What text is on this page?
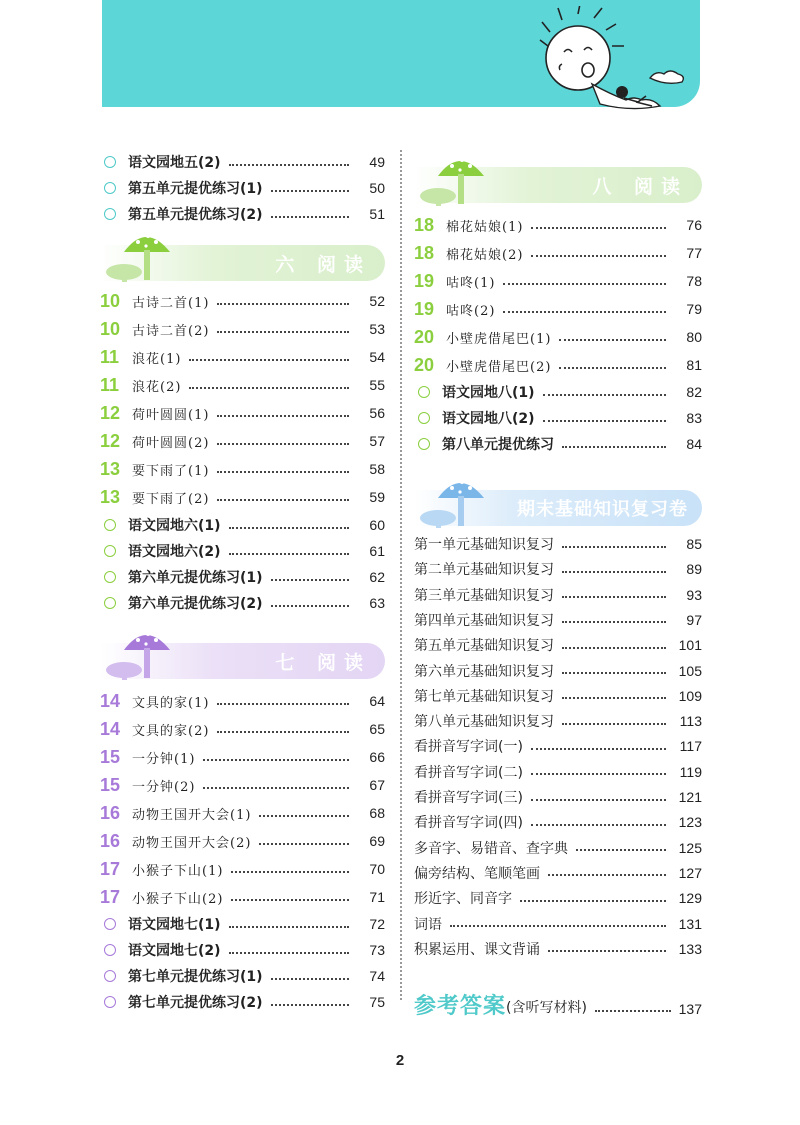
语文园地五(2)	49
第五单元提优练习(1)	50
第五单元提优练习(2)	51
六 阅读
10 古诗二首(1)	52
10 古诗二首(2)	53
11 浪花(1)	54
11 浪花(2)	55
12 荷叶圆圆(1)	56
12 荷叶圆圆(2)	57
13 要下雨了(1)	58
13 要下雨了(2)	59
语文园地六(1)	60
语文园地六(2)	61
第六单元提优练习(1)	62
第六单元提优练习(2)	63
七 阅读
14 文具的家(1)	64
14 文具的家(2)	65
15 一分钟(1)	66
15 一分钟(2)	67
16 动物王国开大会(1)	68
16 动物王国开大会(2)	69
17 小猴子下山(1)	70
17 小猴子下山(2)	71
语文园地七(1)	72
语文园地七(2)	73
第七单元提优练习(1)	74
第七单元提优练习(2)	75
八 阅读
18 棉花姑娘(1)	76
18 棉花姑娘(2)	77
19 咕咚(1)	78
19 咕咚(2)	79
20 小壁虎借尾巴(1)	80
20 小壁虎借尾巴(2)	81
语文园地八(1)	82
语文园地八(2)	83
第八单元提优练习	84
期末基础知识复习卷
第一单元基础知识复习	85
第二单元基础知识复习	89
第三单元基础知识复习	93
第四单元基础知识复习	97
第五单元基础知识复习	101
第六单元基础知识复习	105
第七单元基础知识复习	109
第八单元基础知识复习	113
看拼音写字词(一)	117
看拼音写字词(二)	119
看拼音写字词(三)	121
看拼音写字词(四)	123
多音字、易错音、查字典	125
偏旁结构、笔顺笔画	127
形近字、同音字	129
词语	131
积累运用、课文背诵	133
参考答案 (含听写材料)	137
2
